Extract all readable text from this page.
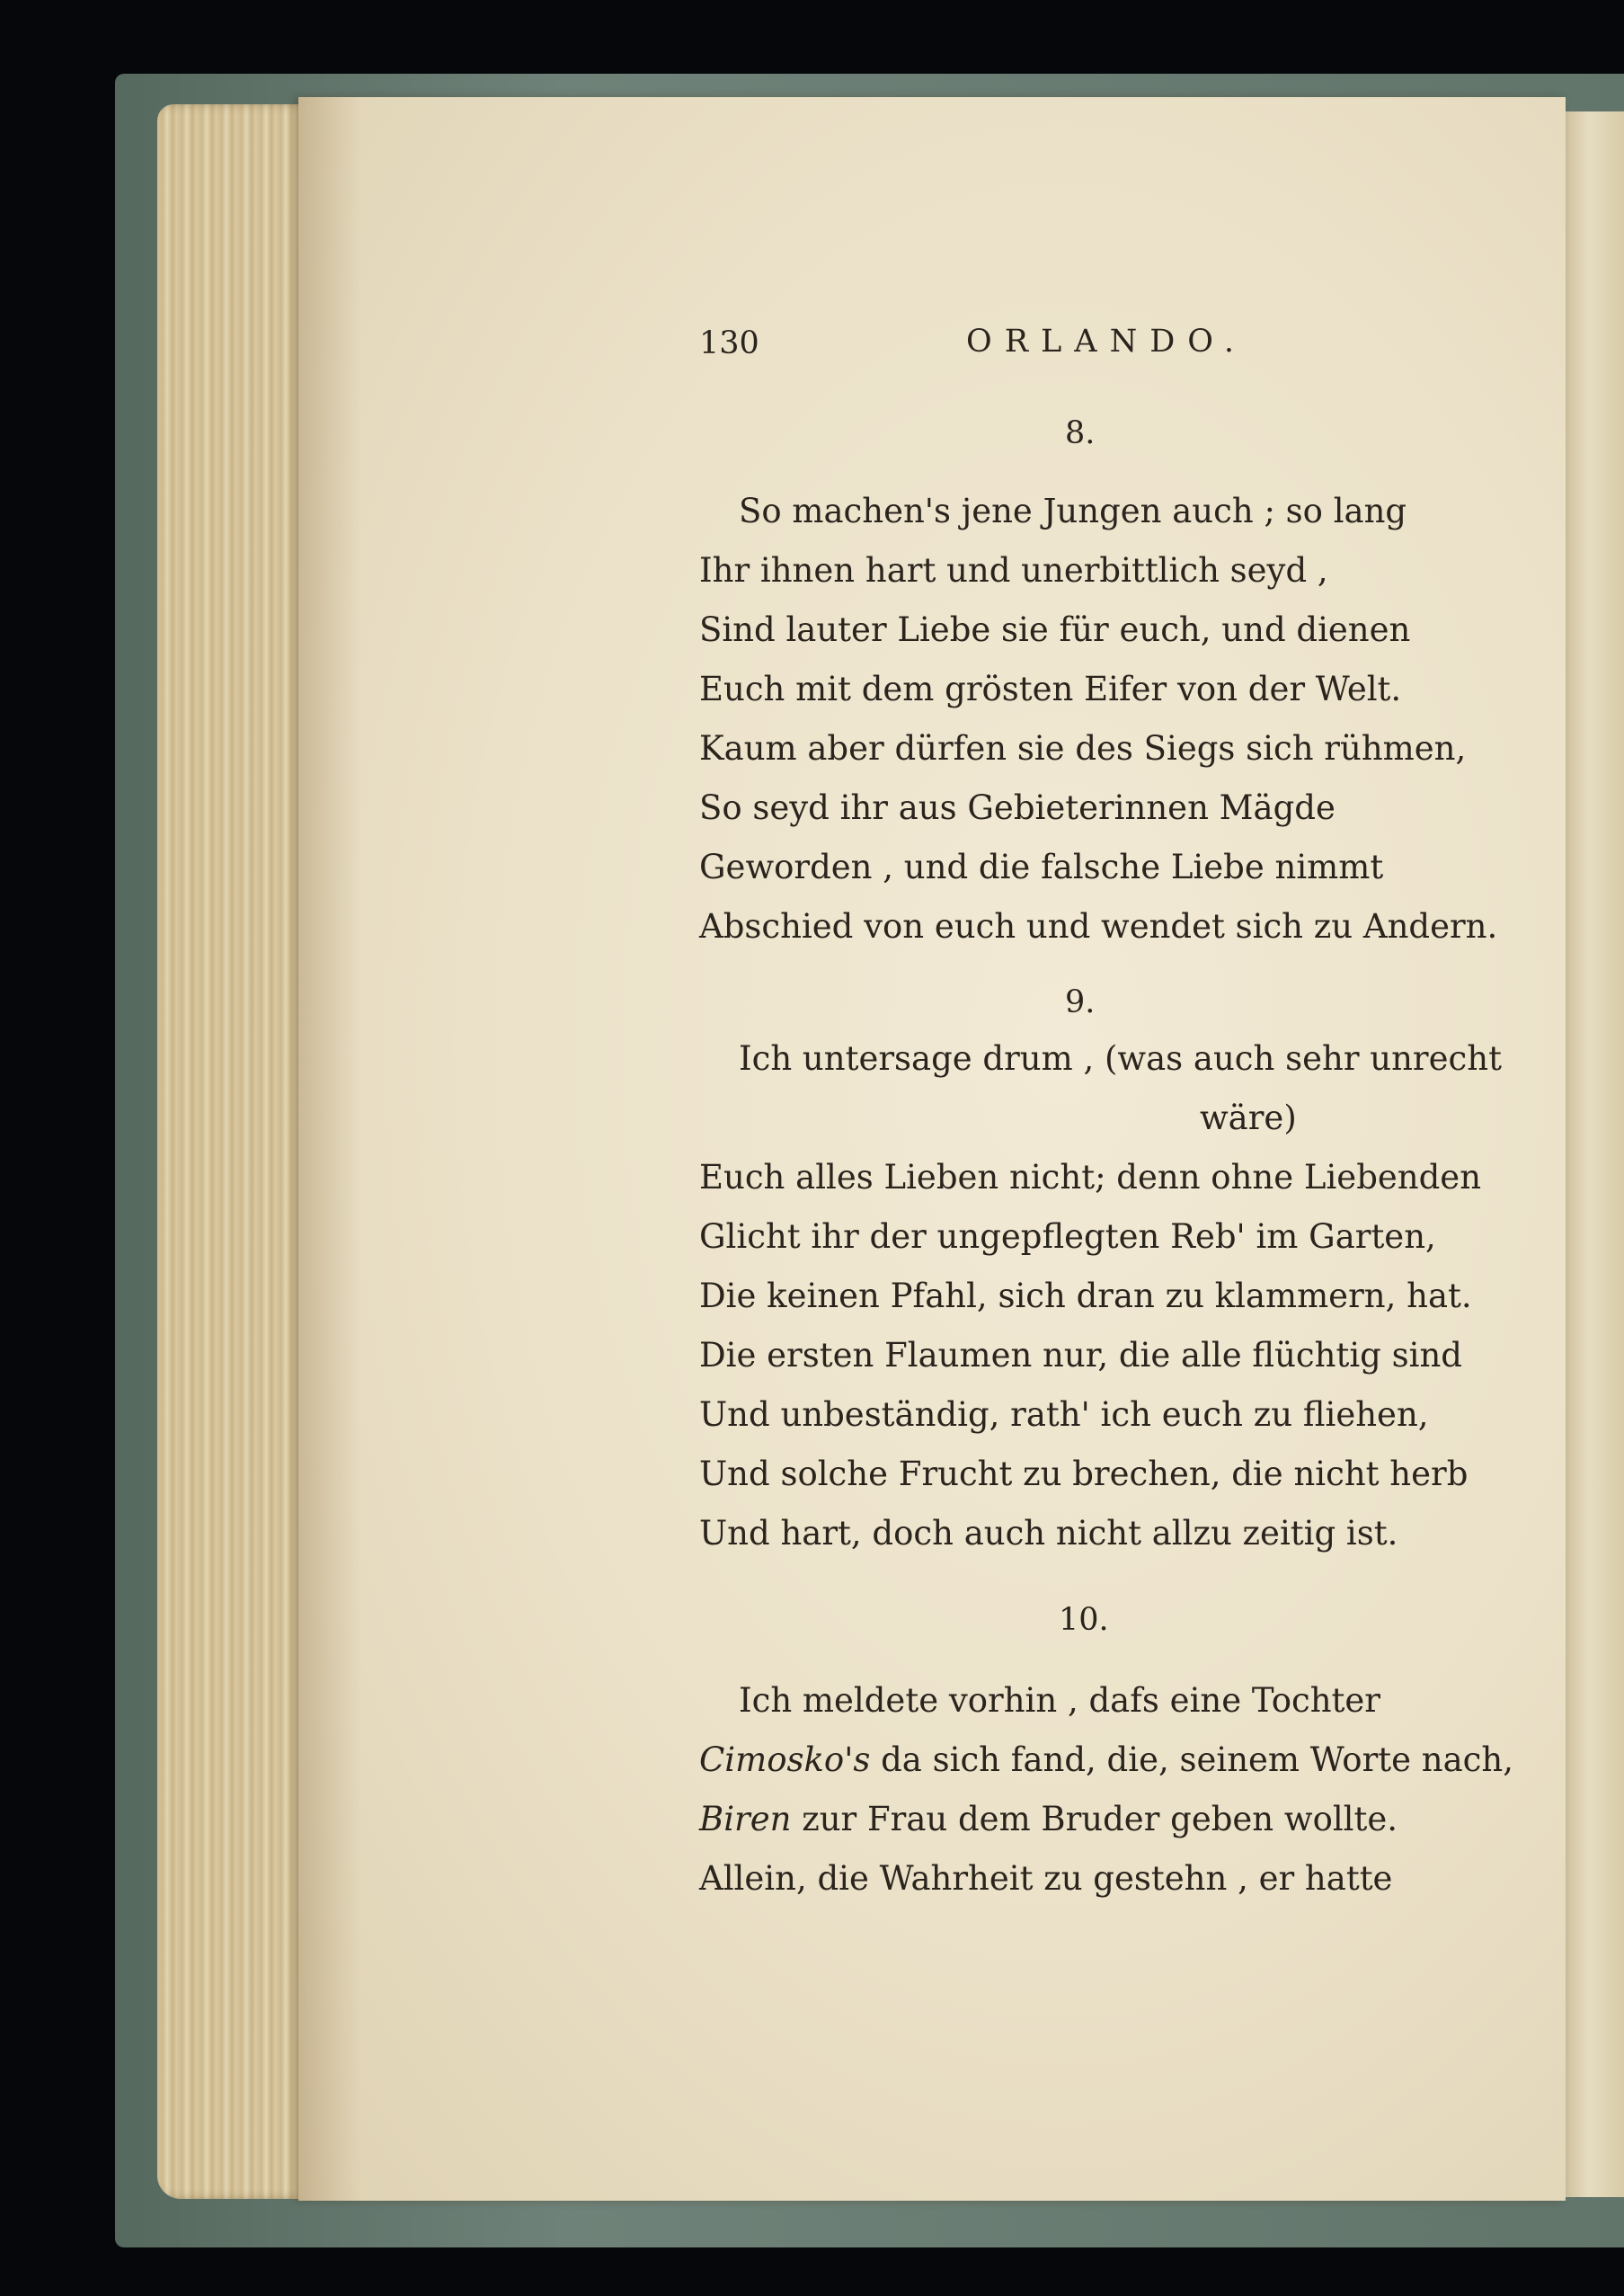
130	ORLANDO.
8.
So machen's jene Jungen auch ; so lang
Ihr ihnen hart und unerbittlich seyd ,
Sind lauter Liebe sie für euch, und dienen
Euch mit dem grösten Eifer von der Welt.
Kaum aber dürfen sie des Siegs sich rühmen,
So seyd ihr aus Gebieterinnen Mägde
Geworden , und die falsche Liebe nimmt
Abschied von euch und wendet sich zu Andern.
9.
Ich untersage drum , (was auch sehr unrecht
wäre)
Euch alles Lieben nicht; denn ohne Liebenden
Glicht ihr der ungepflegten Reb' im Garten,
Die keinen Pfahl, sich dran zu klammern, hat.
Die ersten Flaumen nur, die alle flüchtig sind
Und unbeständig, rath' ich euch zu fliehen,
Und solche Frucht zu brechen, die nicht herb
Und hart, doch auch nicht allzu zeitig ist.
10.
Ich meldete vorhin , dafs eine Tochter
Cimosko's da sich fand, die, seinem Worte nach,
Biren zur Frau dem Bruder geben wollte.
Allein, die Wahrheit zu gestehn , er hatte
